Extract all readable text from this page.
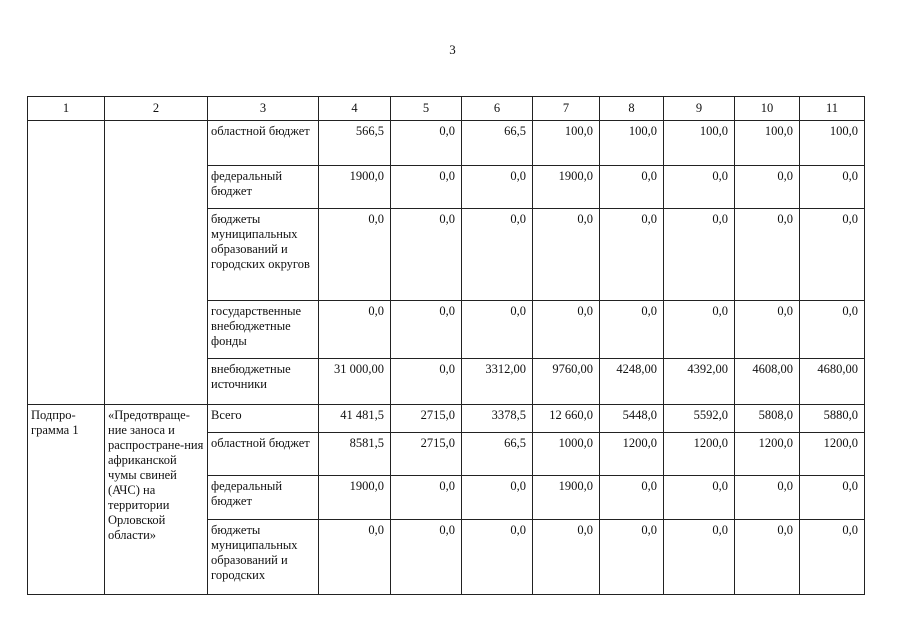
3
1	2	3	4	5	6	7	8	9	10	11
		областной бюджет	566,5	0,0	66,5	100,0	100,0	100,0	100,0	100,0
		федеральный бюджет	1900,0	0,0	0,0	1900,0	0,0	0,0	0,0	0,0
		бюджеты муниципальных образований и городских округов	0,0	0,0	0,0	0,0	0,0	0,0	0,0	0,0
		государственные внебюджетные фонды	0,0	0,0	0,0	0,0	0,0	0,0	0,0	0,0
		внебюджетные источники	31 000,00	0,0	3312,00	9760,00	4248,00	4392,00	4608,00	4680,00
Подпро-грамма 1	«Предотвраще-ние заноса и распростране-ния африканской чумы свиней (АЧС) на территории Орловской области»	Всего	41 481,5	2715,0	3378,5	12 660,0	5448,0	5592,0	5808,0	5880,0
		областной бюджет	8581,5	2715,0	66,5	1000,0	1200,0	1200,0	1200,0	1200,0
		федеральный бюджет	1900,0	0,0	0,0	1900,0	0,0	0,0	0,0	0,0
		бюджеты муниципальных образований и городских	0,0	0,0	0,0	0,0	0,0	0,0	0,0	0,0
